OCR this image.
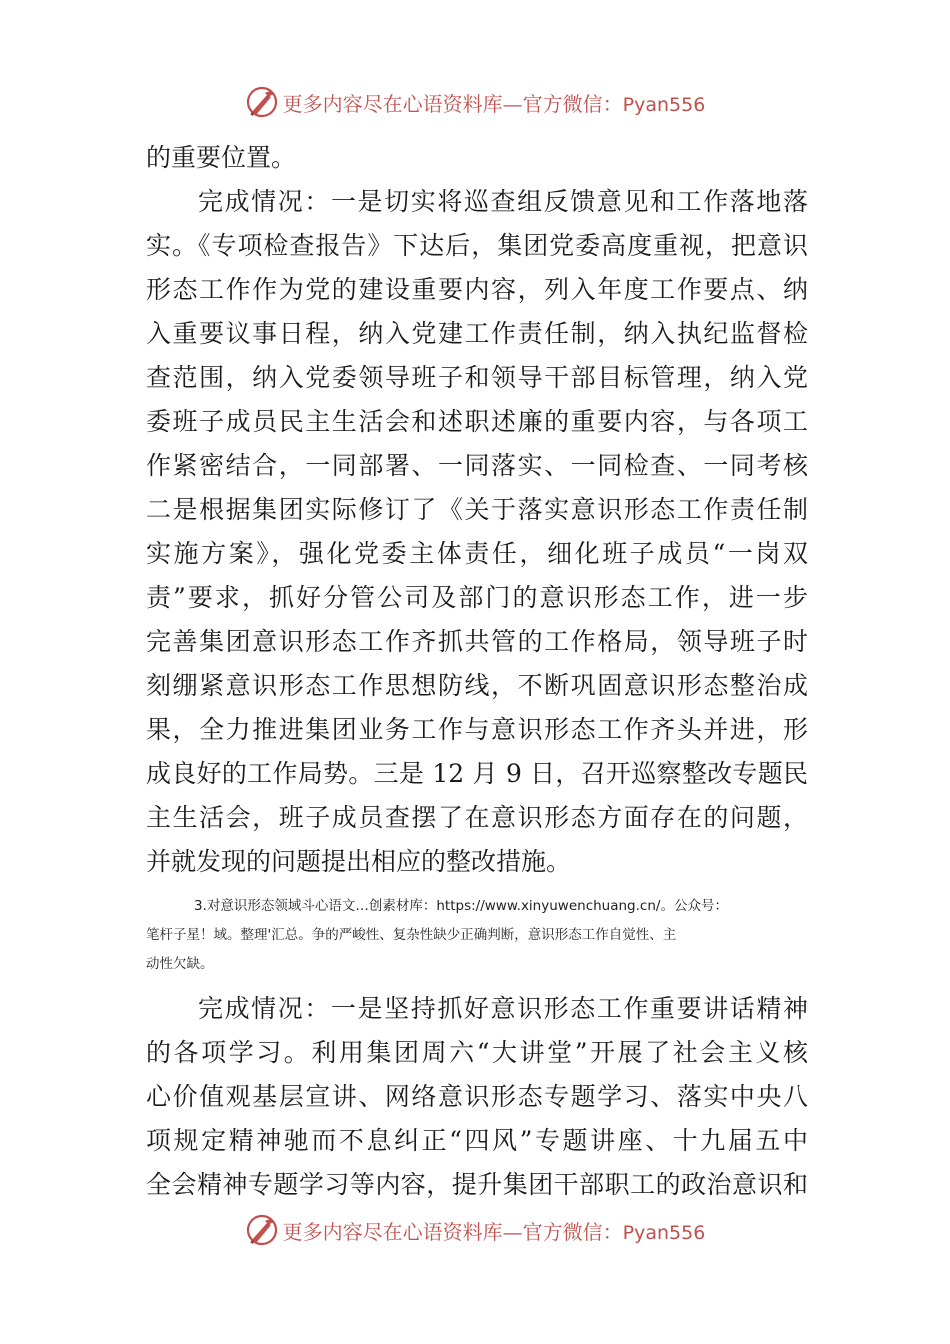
更多内容尽在心语资料库—官方微信：Pyan556
的重要位置。
完成情况：一是切实将巡查组反馈意见和工作落地落
实。《专项检查报告》下达后，集团党委高度重视，把意识
形态工作作为党的建设重要内容，列入年度工作要点、纳
入重要议事日程，纳入党建工作责任制，纳入执纪监督检
查范围，纳入党委领导班子和领导干部目标管理，纳入党
委班子成员民主生活会和述职述廉的重要内容，与各项工
作紧密结合，一同部署、一同落实、一同检查、一同考核
二是根据集团实际修订了《关于落实意识形态工作责任制
实施方案》，强化党委主体责任，细化班子成员“一岗双
责”要求，抓好分管公司及部门的意识形态工作，进一步
完善集团意识形态工作齐抓共管的工作格局，领导班子时
刻绷紧意识形态工作思想防线，不断巩固意识形态整治成
果，全力推进集团业务工作与意识形态工作齐头并进，形
成良好的工作局势。三是 12 月 9 日，召开巡察整改专题民
主生活会，班子成员查摆了在意识形态方面存在的问题，
并就发现的问题提出相应的整改措施。
3.对意识形态领域斗心语文…创素材库：https://www.xinyuwenchuang.cn/。公众号：
笔杆子星！域。整理'汇总。争的严峻性、复杂性缺少正确判断，意识形态工作自觉性、主
动性欠缺。
完成情况：一是坚持抓好意识形态工作重要讲话精神
的各项学习。利用集团周六“大讲堂”开展了社会主义核
心价值观基层宣讲、网络意识形态专题学习、落实中央八
项规定精神驰而不息纠正“四风”专题讲座、十九届五中
全会精神专题学习等内容，提升集团干部职工的政治意识和
更多内容尽在心语资料库—官方微信：Pyan556
